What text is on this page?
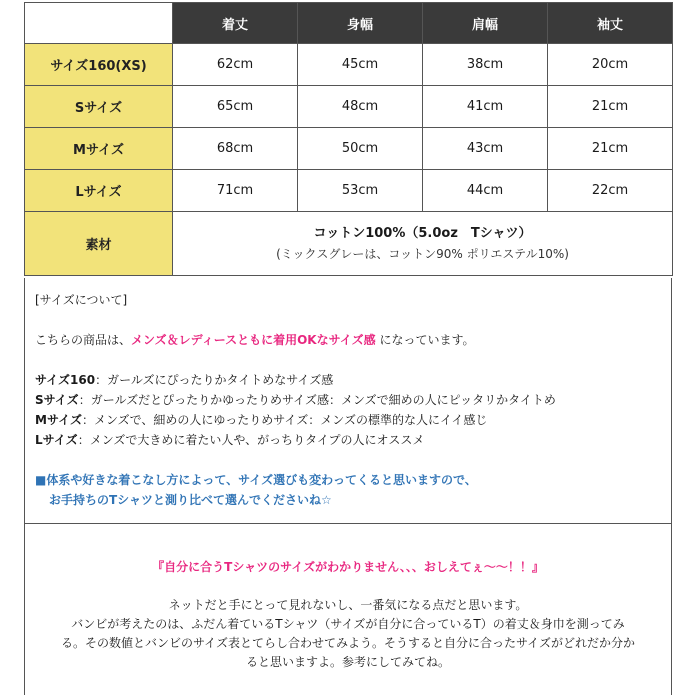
	着丈	身幅	肩幅	袖丈
サイズ160(XS)	62cm	45cm	38cm	20cm
Sサイズ	65cm	48cm	41cm	21cm
Mサイズ	68cm	50cm	43cm	21cm
Lサイズ	71cm	53cm	44cm	22cm
素材	コットン100%（5.0oz　Tシャツ）
(ミックスグレーは、コットン90% ポリエステル10%)			

[サイズについて]

こちらの商品は、メンズ＆レディースともに着用OKなサイズ感 になっています。

サイズ160：ガールズにぴったりかタイトめなサイズ感

Sサイズ：ガールズだとぴったりかゆったりめサイズ感：メンズで細めの人にピッタリかタイトめ

Mサイズ：メンズで、細めの人にゆったりめサイズ：メンズの標準的な人にイイ感じ

Lサイズ：メンズで大きめに着たい人や、がっちりタイプの人にオススメ

■体系や好きな着こなし方によって、サイズ選びも変わってくると思いますので、

お手持ちのTシャツと測り比べて選んでくださいね☆

『自分に合うTシャツのサイズがわかりません、、、おしえてぇ〜〜！！』

ネットだと手にとって見れないし、一番気になる点だと思います。

バンビが考えたのは、ふだん着ているTシャツ（サイズが自分に合っているT）の着丈＆身巾を測ってみ

る。その数値とバンビのサイズ表とてらし合わせてみよう。そうすると自分に合ったサイズがどれだか分か

ると思いますよ。参考にしてみてね。
